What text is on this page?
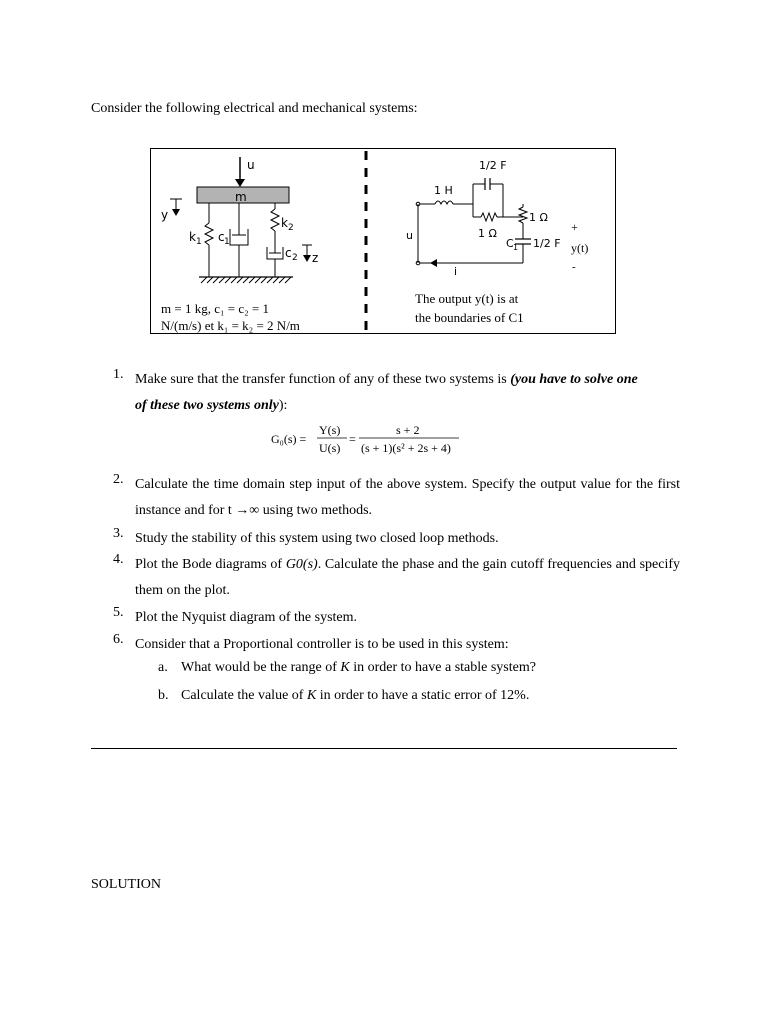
Consider the following electrical and mechanical systems:
u
m
y
k 1 c 1
k 2
c 2 z
m = 1 kg, c₁ = c₂ = 1
N/(m/s) et k₁ = k₂ = 2 N/m
1/2 F
1 H
u	1 Ω
1 Ω
C 1 1/2 F
+
y(t)
-
i
The output y(t) is at
the boundaries of C1
1. Make sure that the transfer function of any of these two systems is (you have to solve one
of these two systems only):
G₀(s) =
Y(s)
U(s)
=
s + 2
(s + 1)(s² + 2s + 4)
2. Calculate the time domain step input of the above system. Specify the output value for the first instance and for t →∞ using two methods.
3. Study the stability of this system using two closed loop methods.
4. Plot the Bode diagrams of G0(s). Calculate the phase and the gain cutoff frequencies and specify them on the plot.
5. Plot the Nyquist diagram of the system.
6. Consider that a Proportional controller is to be used in this system:
a. What would be the range of K in order to have a stable system?
b. Calculate the value of K in order to have a static error of 12%.
SOLUTION
